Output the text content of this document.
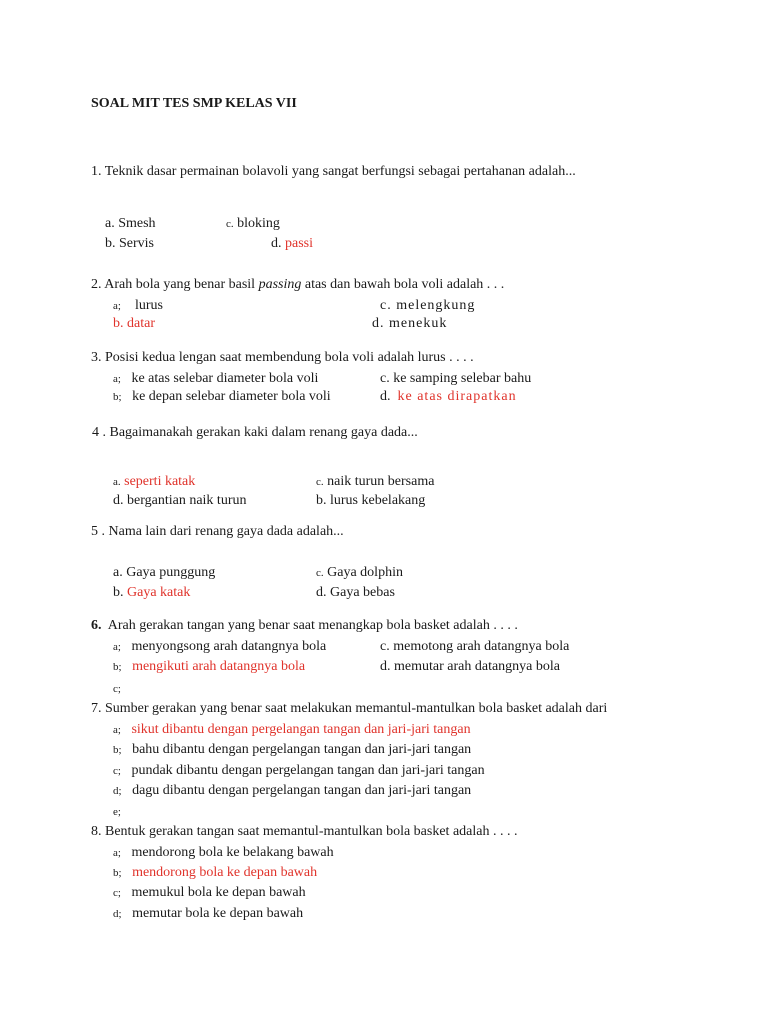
SOAL MIT TES SMP KELAS VII
1. Teknik dasar permainan bolavoli yang sangat berfungsi sebagai pertahanan adalah...
a. Smesh	c. bloking
b. Servis	d. passi
2. Arah bola yang benar basil passing atas dan bawah bola voli adalah . . .
a; lurus	c. melengkung
b. datar	d. menekuk
3. Posisi kedua lengan saat membendung bola voli adalah lurus . . . .
a; ke atas selebar diameter bola voli	c. ke samping selebar bahu
b; ke depan selebar diameter bola voli	d. ke atas dirapatkan
4 . Bagaimanakah gerakan kaki dalam renang gaya dada...
a. seperti katak	c. naik turun bersama
d. bergantian naik turun	b. lurus kebelakang
5 . Nama lain dari renang gaya dada adalah...
a. Gaya punggung	c. Gaya dolphin
b. Gaya katak	d. Gaya bebas
6. Arah gerakan tangan yang benar saat menangkap bola basket adalah . . . .
a; menyongsong arah datangnya bola	c. memotong arah datangnya bola
b; mengikuti arah datangnya bola	d. memutar arah datangnya bola
c;
7. Sumber gerakan yang benar saat melakukan memantul-mantulkan bola basket adalah dari
a; sikut dibantu dengan pergelangan tangan dan jari-jari tangan
b; bahu dibantu dengan pergelangan tangan dan jari-jari tangan
c; pundak dibantu dengan pergelangan tangan dan jari-jari tangan
d; dagu dibantu dengan pergelangan tangan dan jari-jari tangan
e;
8. Bentuk gerakan tangan saat memantul-mantulkan bola basket adalah . . . .
a; mendorong bola ke belakang bawah
b; mendorong bola ke depan bawah
c; memukul bola ke depan bawah
d; memutar bola ke depan bawah
